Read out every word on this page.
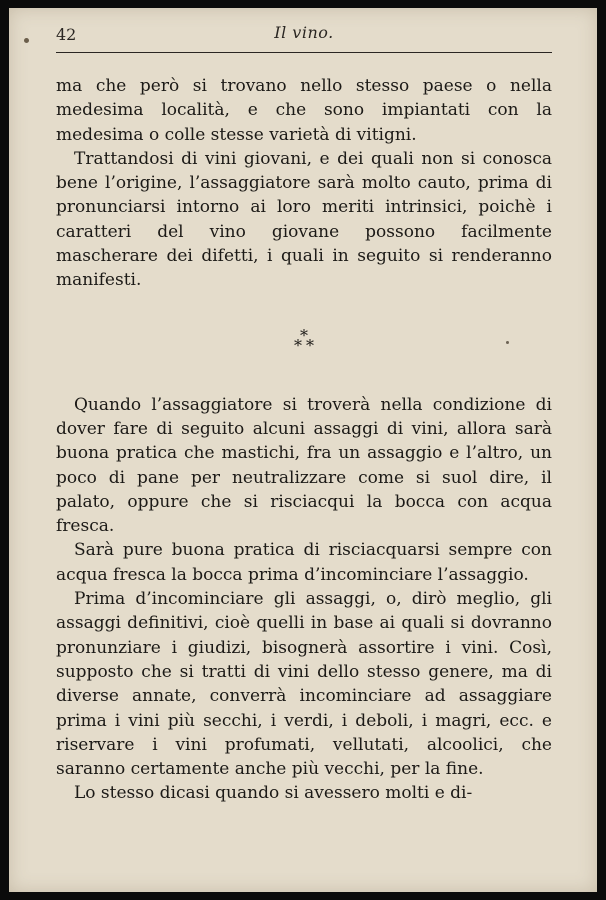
42	Il vino.

ma che però si trovano nello stesso paese o nella medesima località, e che sono impiantati con la medesima o colle stesse varietà di vitigni.

Trattandosi di vini giovani, e dei quali non si conosca bene l’origine, l’assaggiatore sarà molto cauto, prima di pronunciarsi intorno ai loro meriti intrinsici, poichè i caratteri del vino giovane possono facilmente mascherare dei difetti, i quali in seguito si renderanno manifesti.

*
* *

Quando l’assaggiatore si troverà nella condizione di dover fare di seguito alcuni assaggi di vini, allora sarà buona pratica che mastichi, fra un assaggio e l’altro, un poco di pane per neutralizzare come si suol dire, il palato, oppure che si risciacqui la bocca con acqua fresca.

Sarà pure buona pratica di risciacquarsi sempre con acqua fresca la bocca prima d’incominciare l’assaggio.

Prima d’incominciare gli assaggi, o, dirò meglio, gli assaggi definitivi, cioè quelli in base ai quali si dovranno pronunziare i giudizi, bisognerà assortire i vini. Così, supposto che si tratti di vini dello stesso genere, ma di diverse annate, converrà incominciare ad assaggiare prima i vini più secchi, i verdi, i deboli, i magri, ecc. e riservare i vini profumati, vellutati, alcoolici, che saranno certamente anche più vecchi, per la fine.

Lo stesso dicasi quando si avessero molti e di-
